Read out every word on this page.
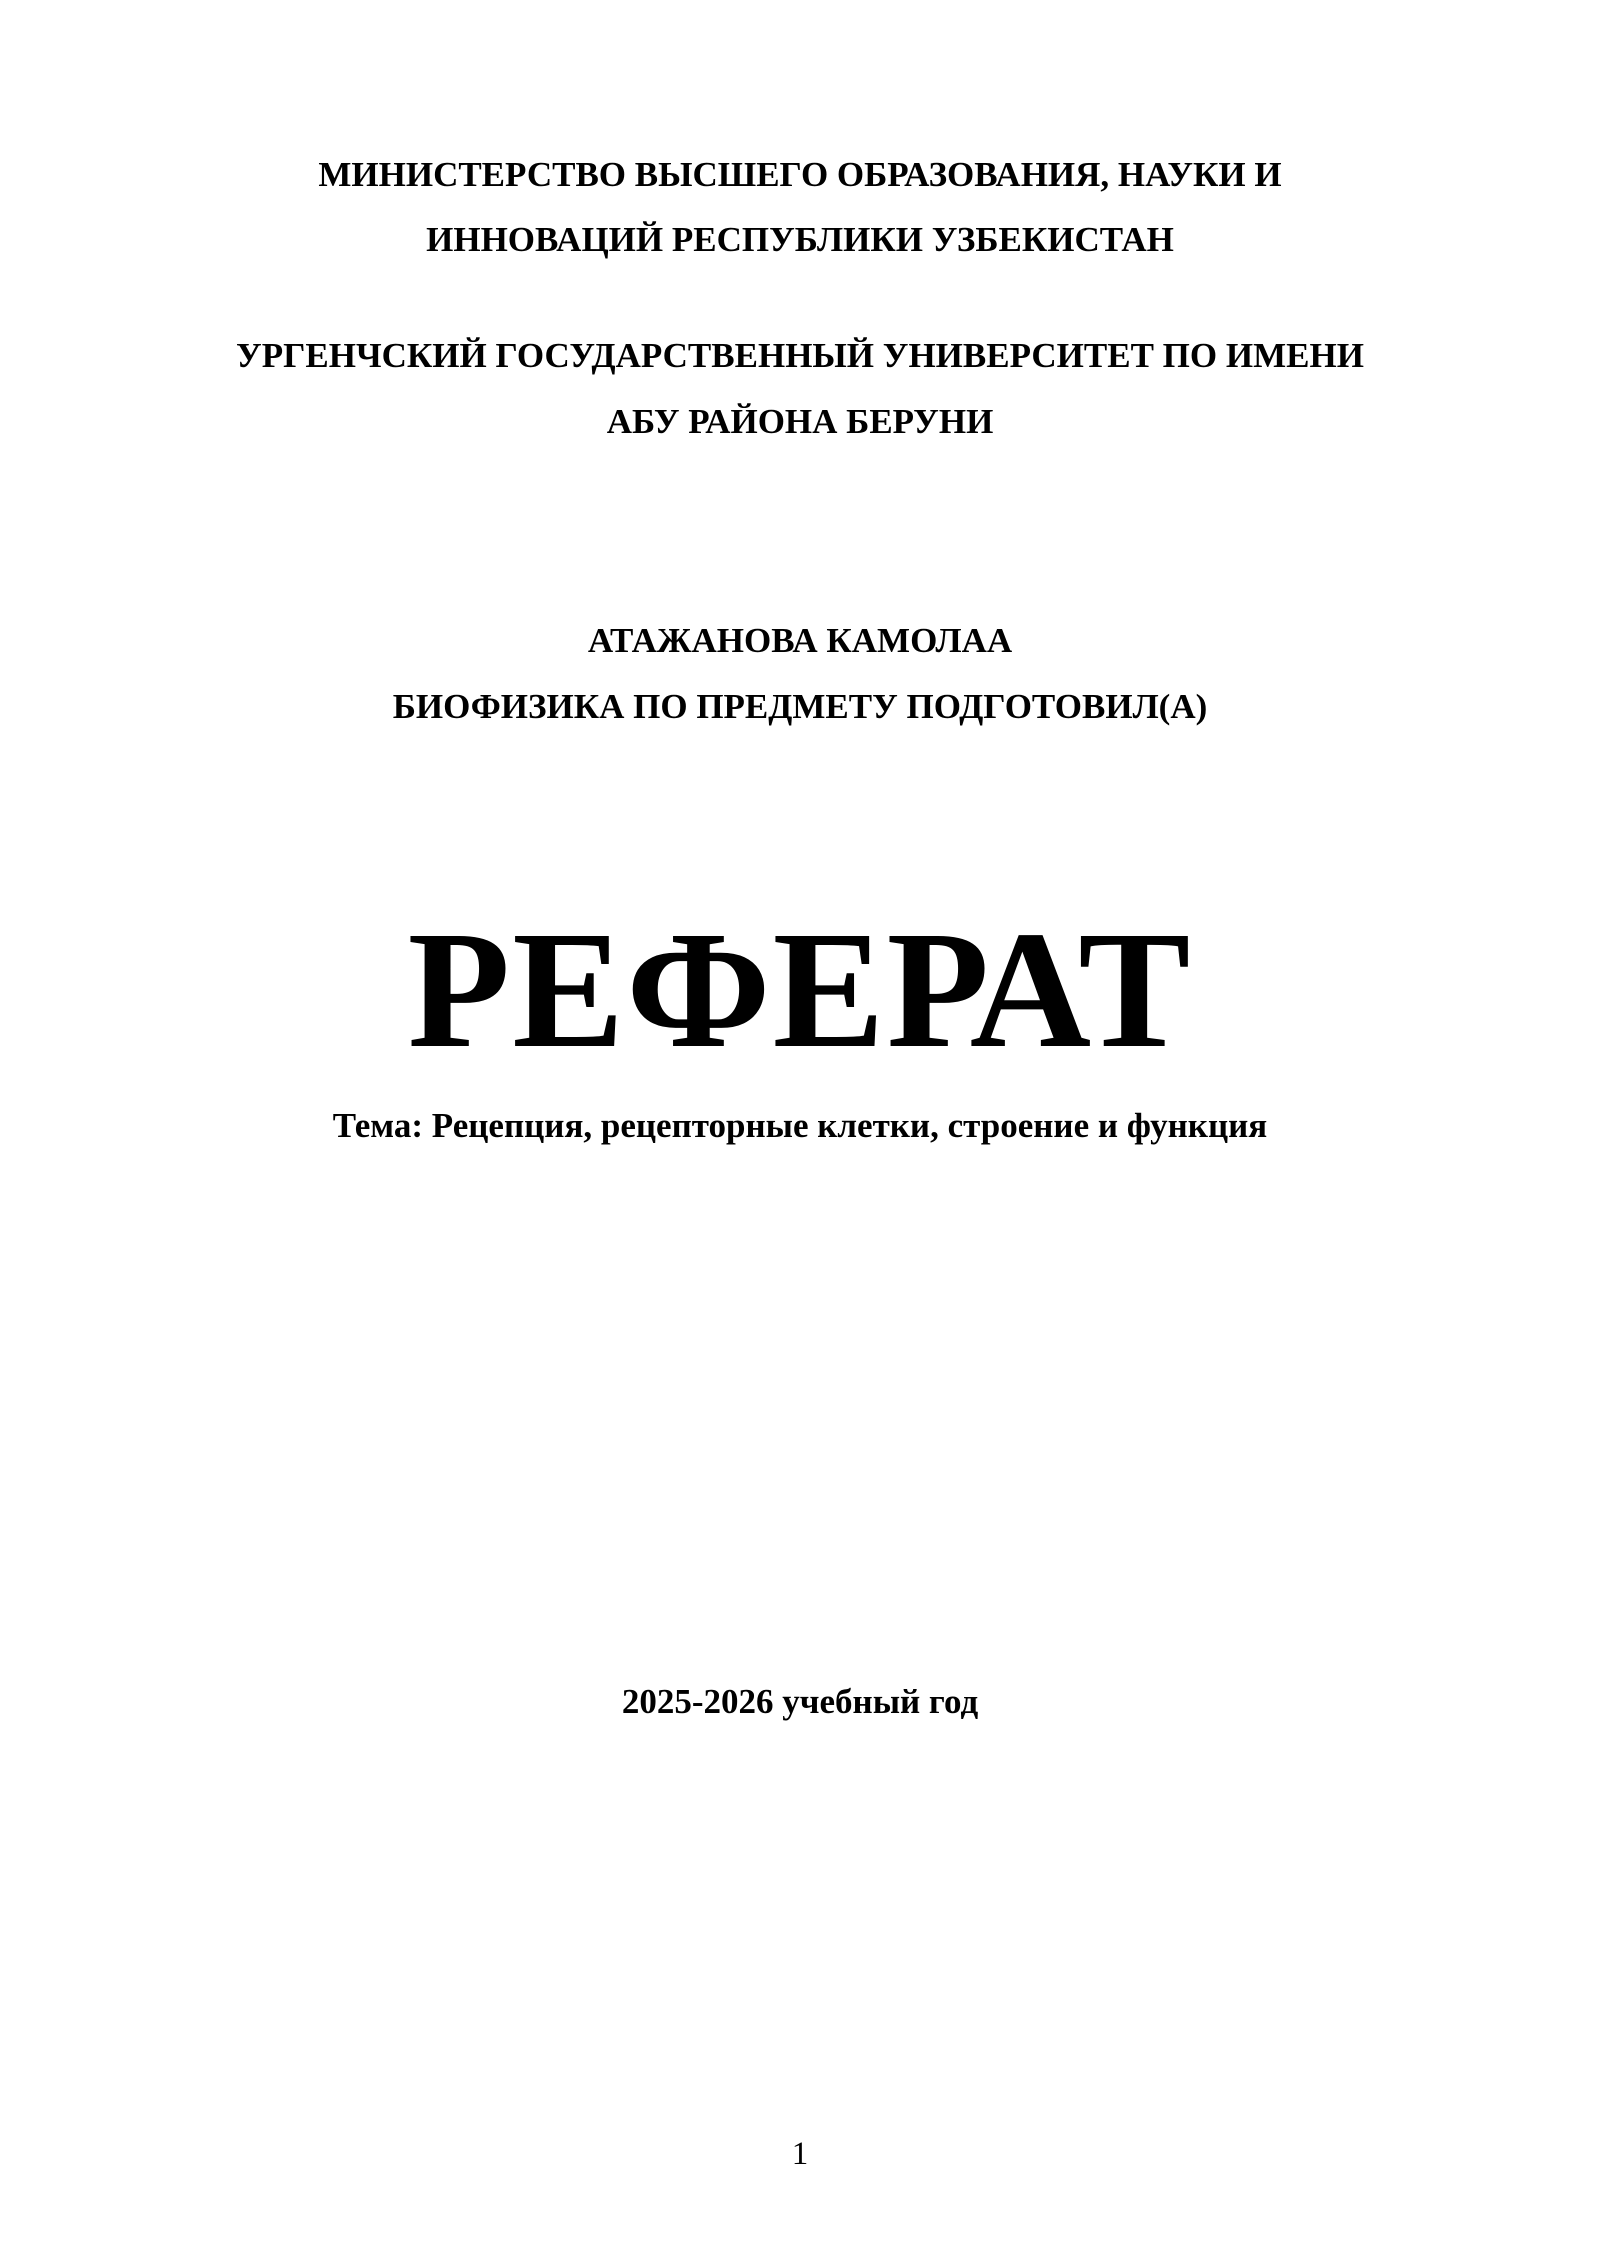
МИНИСТЕРСТВО ВЫСШЕГО ОБРАЗОВАНИЯ, НАУКИ И
ИННОВАЦИЙ РЕСПУБЛИКИ УЗБЕКИСТАН
УРГЕНЧСКИЙ ГОСУДАРСТВЕННЫЙ УНИВЕРСИТЕТ ПО ИМЕНИ
АБУ РАЙОНА БЕРУНИ
АТАЖАНОВА КАМОЛАА
БИОФИЗИКА ПО ПРЕДМЕТУ ПОДГОТОВИЛ(А)
РЕФЕРАТ
Тема: Рецепция, рецепторные клетки, строение и функция
2025-2026 учебный год
1
